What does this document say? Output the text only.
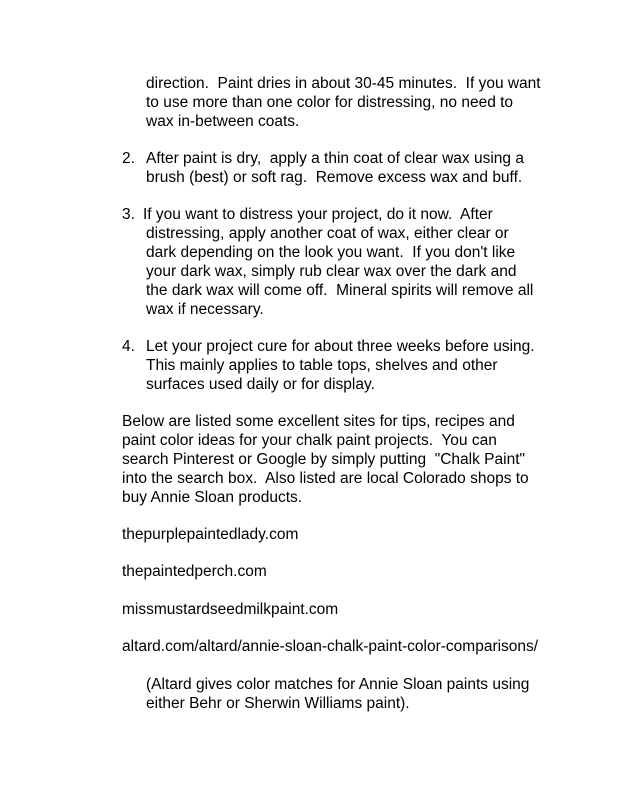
direction.  Paint dries in about 30-45 minutes.  If you want
to use more than one color for distressing, no need to
wax in-between coats.
2. After paint is dry,  apply a thin coat of clear wax using a
brush (best) or soft rag.  Remove excess wax and buff.
3. If you want to distress your project, do it now.  After
distressing, apply another coat of wax, either clear or
dark depending on the look you want.  If you don't like
your dark wax, simply rub clear wax over the dark and
the dark wax will come off.  Mineral spirits will remove all
wax if necessary.
4. Let your project cure for about three weeks before using.
This mainly applies to table tops, shelves and other
surfaces used daily or for display.
Below are listed some excellent sites for tips, recipes and
paint color ideas for your chalk paint projects.  You can
search Pinterest or Google by simply putting  "Chalk Paint"
into the search box.  Also listed are local Colorado shops to
buy Annie Sloan products.
thepurplepaintedlady.com
thepaintedperch.com
missmustardseedmilkpaint.com
altard.com/altard/annie-sloan-chalk-paint-color-comparisons/
(Altard gives color matches for Annie Sloan paints using
either Behr or Sherwin Williams paint).
